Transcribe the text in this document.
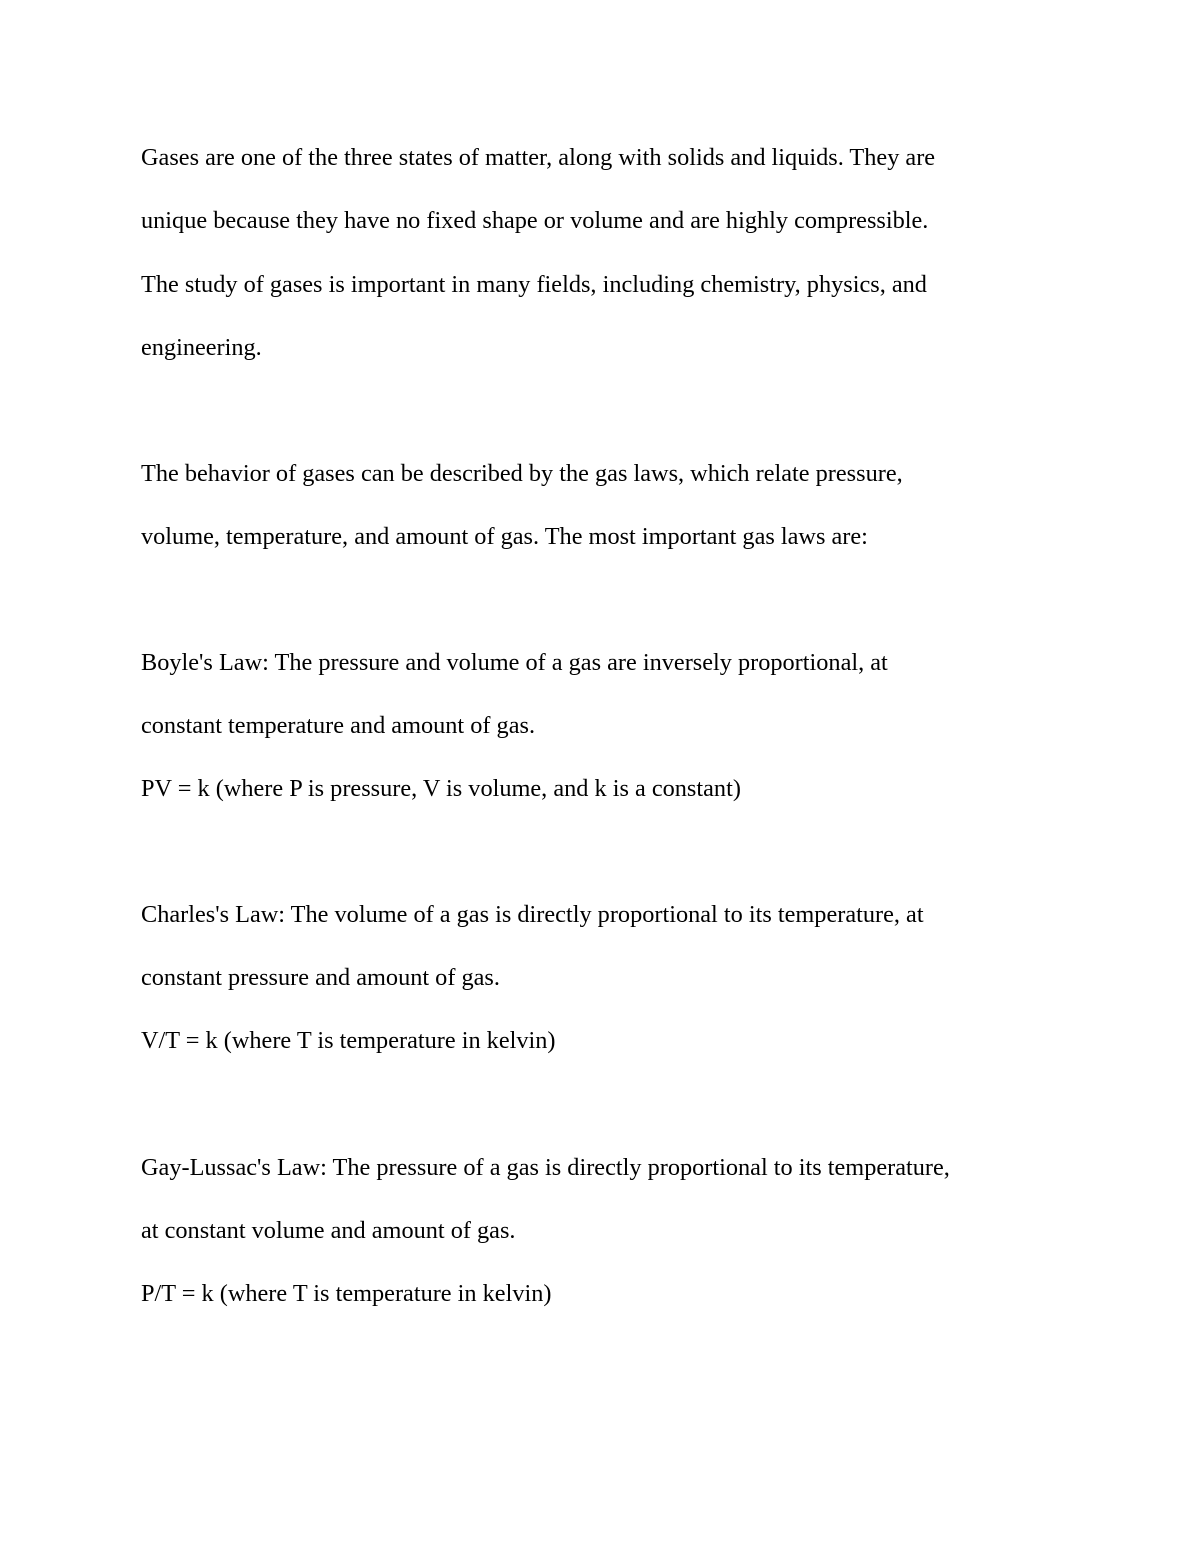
Gases are one of the three states of matter, along with solids and liquids. They are
unique because they have no fixed shape or volume and are highly compressible.
The study of gases is important in many fields, including chemistry, physics, and
engineering.
The behavior of gases can be described by the gas laws, which relate pressure,
volume, temperature, and amount of gas. The most important gas laws are:
Boyle's Law: The pressure and volume of a gas are inversely proportional, at
constant temperature and amount of gas.
PV = k (where P is pressure, V is volume, and k is a constant)
Charles's Law: The volume of a gas is directly proportional to its temperature, at
constant pressure and amount of gas.
V/T = k (where T is temperature in kelvin)
Gay-Lussac's Law: The pressure of a gas is directly proportional to its temperature,
at constant volume and amount of gas.
P/T = k (where T is temperature in kelvin)
